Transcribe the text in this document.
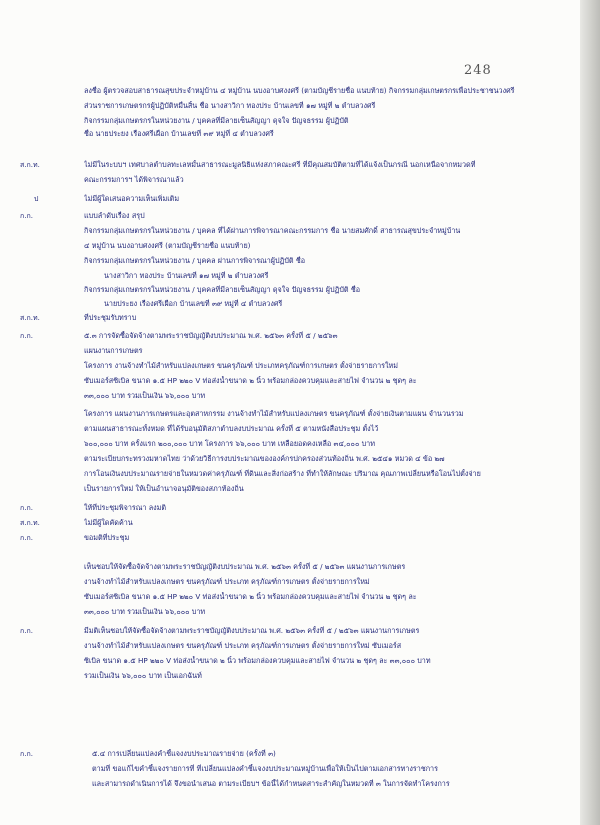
248
ลงชื่อ ผู้ตรวจสอบสาธารณสุขประจำหมู่บ้าน ๔ หมู่บ้าน นบงอาบศงงศรี (ตามบัญชีรายชื่อ แนบท้าย) กิจกรรมกลุ่มเกษตรกรเพื่อประชาชนวงศรี
ส่วนราชการเกษตรกรผู้ปฏิบัติหมื่นสิ้น ชื่อ นางสาวิกา ทองประ บ้านเลขที่ ๑๗ หมู่ที่ ๒ ตำบลวงศรี
กิจกรรมกลุ่มเกษตรกรในหน่วยงาน / บุคคลที่มีลายเซ็นสัญญา ดุจใจ ปัญจธรรม ผู้ปฏิบัติ
ชื่อ นายประยง เรืองศรีเผือก บ้านเลขที่ ๓๙ หมู่ที่ ๔ ตำบลวงศรี
ไม่มีในระบบฯ เทศบาลตำบลทะเลหมั้นสาธารณะมูลนิธิแห่งสภาคณะศรี ที่มีคุณสมบัติตามที่ได้แจ้งเป็นกรณี นอกเหนือจากหมวดที่
คณะกรรมการฯ ได้พิจารณาแล้ว
ไม่มีผู้ใดเสนอความเห็นเพิ่มเติม
แบบลำดับเรื่อง สรุป
กิจกรรมกลุ่มเกษตรกรในหน่วยงาน / บุคคล ที่ได้ผ่านการพิจารณาคณะกรรมการ ชื่อ นายสมศักดิ์ สาธารณสุขประจำหมู่บ้าน
๔ หมู่บ้าน นบงอาบศงงศรี (ตามบัญชีรายชื่อ แนบท้าย)
กิจกรรมกลุ่มเกษตรกรในหน่วยงาน / บุคคล ผ่านการพิจารณาผู้ปฏิบัติ ชื่อ
นางสาวิกา ทองประ บ้านเลขที่ ๑๗ หมู่ที่ ๒ ตำบลวงศรี
กิจกรรมกลุ่มเกษตรกรในหน่วยงาน / บุคคลที่มีลายเซ็นสัญญา ดุจใจ ปัญจธรรม ผู้ปฏิบัติ ชื่อ
นายประยง เรืองศรีเผือก บ้านเลขที่ ๓๙ หมู่ที่ ๔ ตำบลวงศรี
ที่ประชุมรับทราบ
๕.๓ การจัดซื้อจัดจ้างตามพระราชบัญญัติงบประมาณ พ.ศ. ๒๕๖๓ ครั้งที่ ๕ / ๒๕๖๓
แผนงานการเกษตร
โครงการ งานจ้างทำไม้สำหรับแปลงเกษตร ขนครุภัณฑ์ ประเภทครุภัณฑ์การเกษตร ตั้งจ่ายรายการใหม่
ซับเมอร์สซิเบิล ขนาด ๑.๕ HP ๒๒๐ V ท่อส่งน้ำขนาด ๒ นิ้ว พร้อมกล่องควบคุมและสายไฟ จำนวน ๒ ชุดๆ ละ
๓๓,๐๐๐ บาท รวมเป็นเงิน ๖๖,๐๐๐ บาท
โครงการ แผนงานการเกษตรและอุตสาหกรรม งานจ้างทำไม้สำหรับแปลงเกษตร ขนครุภัณฑ์ ตั้งจ่ายเงินตามแผน จำนวนรวม
ตามแผนสาธารณะทั้งหมด ที่ได้รับอนุมัติสภาตำบลงบประมาณ ครั้งที่ ๕ ตามหนังสือประชุม ตั้งไว้
๖๐๐,๐๐๐ บาท ครั้งแรก ๒๐๐,๐๐๐ บาท โครงการ ๖๖,๐๐๐ บาท เหลือยอดคงเหลือ ๓๔,๐๐๐ บาท
ตามระเบียบกระทรวงมหาดไทย ว่าด้วยวิธีการงบประมาณขององค์กรปกครองส่วนท้องถิ่น พ.ศ. ๒๕๔๑ หมวด ๔ ข้อ ๒๗
การโอนเงินงบประมาณรายจ่ายในหมวดค่าครุภัณฑ์ ที่ดินและสิ่งก่อสร้าง ที่ทำให้ลักษณะ ปริมาณ คุณภาพเปลี่ยนหรือโอนไปตั้งจ่าย
เป็นรายการใหม่ ให้เป็นอำนาจอนุมัติของสภาท้องถิ่น
ให้ที่ประชุมพิจารณา ลงมติ
ไม่มีผู้ใดคัดค้าน
ขอมติที่ประชุม
เห็นชอบให้จัดซื้อจัดจ้างตามพระราชบัญญัติงบประมาณ พ.ศ. ๒๕๖๓ ครั้งที่ ๕ / ๒๕๖๓ แผนงานการเกษตร
งานจ้างทำไม้สำหรับแปลงเกษตร ขนครุภัณฑ์ ประเภท ครุภัณฑ์การเกษตร ตั้งจ่ายรายการใหม่
ซับเมอร์สซิเบิล ขนาด ๑.๕ HP ๒๒๐ V ท่อส่งน้ำขนาด ๒ นิ้ว พร้อมกล่องควบคุมและสายไฟ จำนวน ๒ ชุดๆ ละ
๓๓,๐๐๐ บาท รวมเป็นเงิน ๖๖,๐๐๐ บาท
มีมติเห็นชอบให้จัดซื้อจัดจ้างตามพระราชบัญญัติงบประมาณ พ.ศ. ๒๕๖๓ ครั้งที่ ๕ / ๒๕๖๓ แผนงานการเกษตร
งานจ้างทำไม้สำหรับแปลงเกษตร ขนครุภัณฑ์ ประเภท ครุภัณฑ์การเกษตร ตั้งจ่ายรายการใหม่ ซับเมอร์ส
ซิเบิล ขนาด ๑.๕ HP ๒๒๐ V ท่อส่งน้ำขนาด ๒ นิ้ว พร้อมกล่องควบคุมและสายไฟ จำนวน ๒ ชุดๆ ละ ๓๓,๐๐๐ บาท
รวมเป็นเงิน ๖๖,๐๐๐ บาท เป็นเอกฉันท์
๕.๔ การเปลี่ยนแปลงคำชี้แจงงบประมาณรายจ่าย (ครั้งที่ ๓)
ตามที่ ขอแก้ไขคำชี้แจงรายการที่ ที่เปลี่ยนแปลงคำชี้แจงงบประมาณหมู่บ้านเพื่อให้เป็นไปตามเอกสารทางราชการ
และสามารถดำเนินการได้ จึงขอนำเสนอ ตามระเบียบฯ ข้อนี้ได้กำหนดสาระสำคัญในหมวดที่ ๓ ในการจัดทำโครงการ
ส.ก.ท.
ป
ก.ก.
ส.ก.ท.
ก.ก.
ก.ก.
ส.ก.ท.
ก.ก.
ก.ก.
ก.ก.
